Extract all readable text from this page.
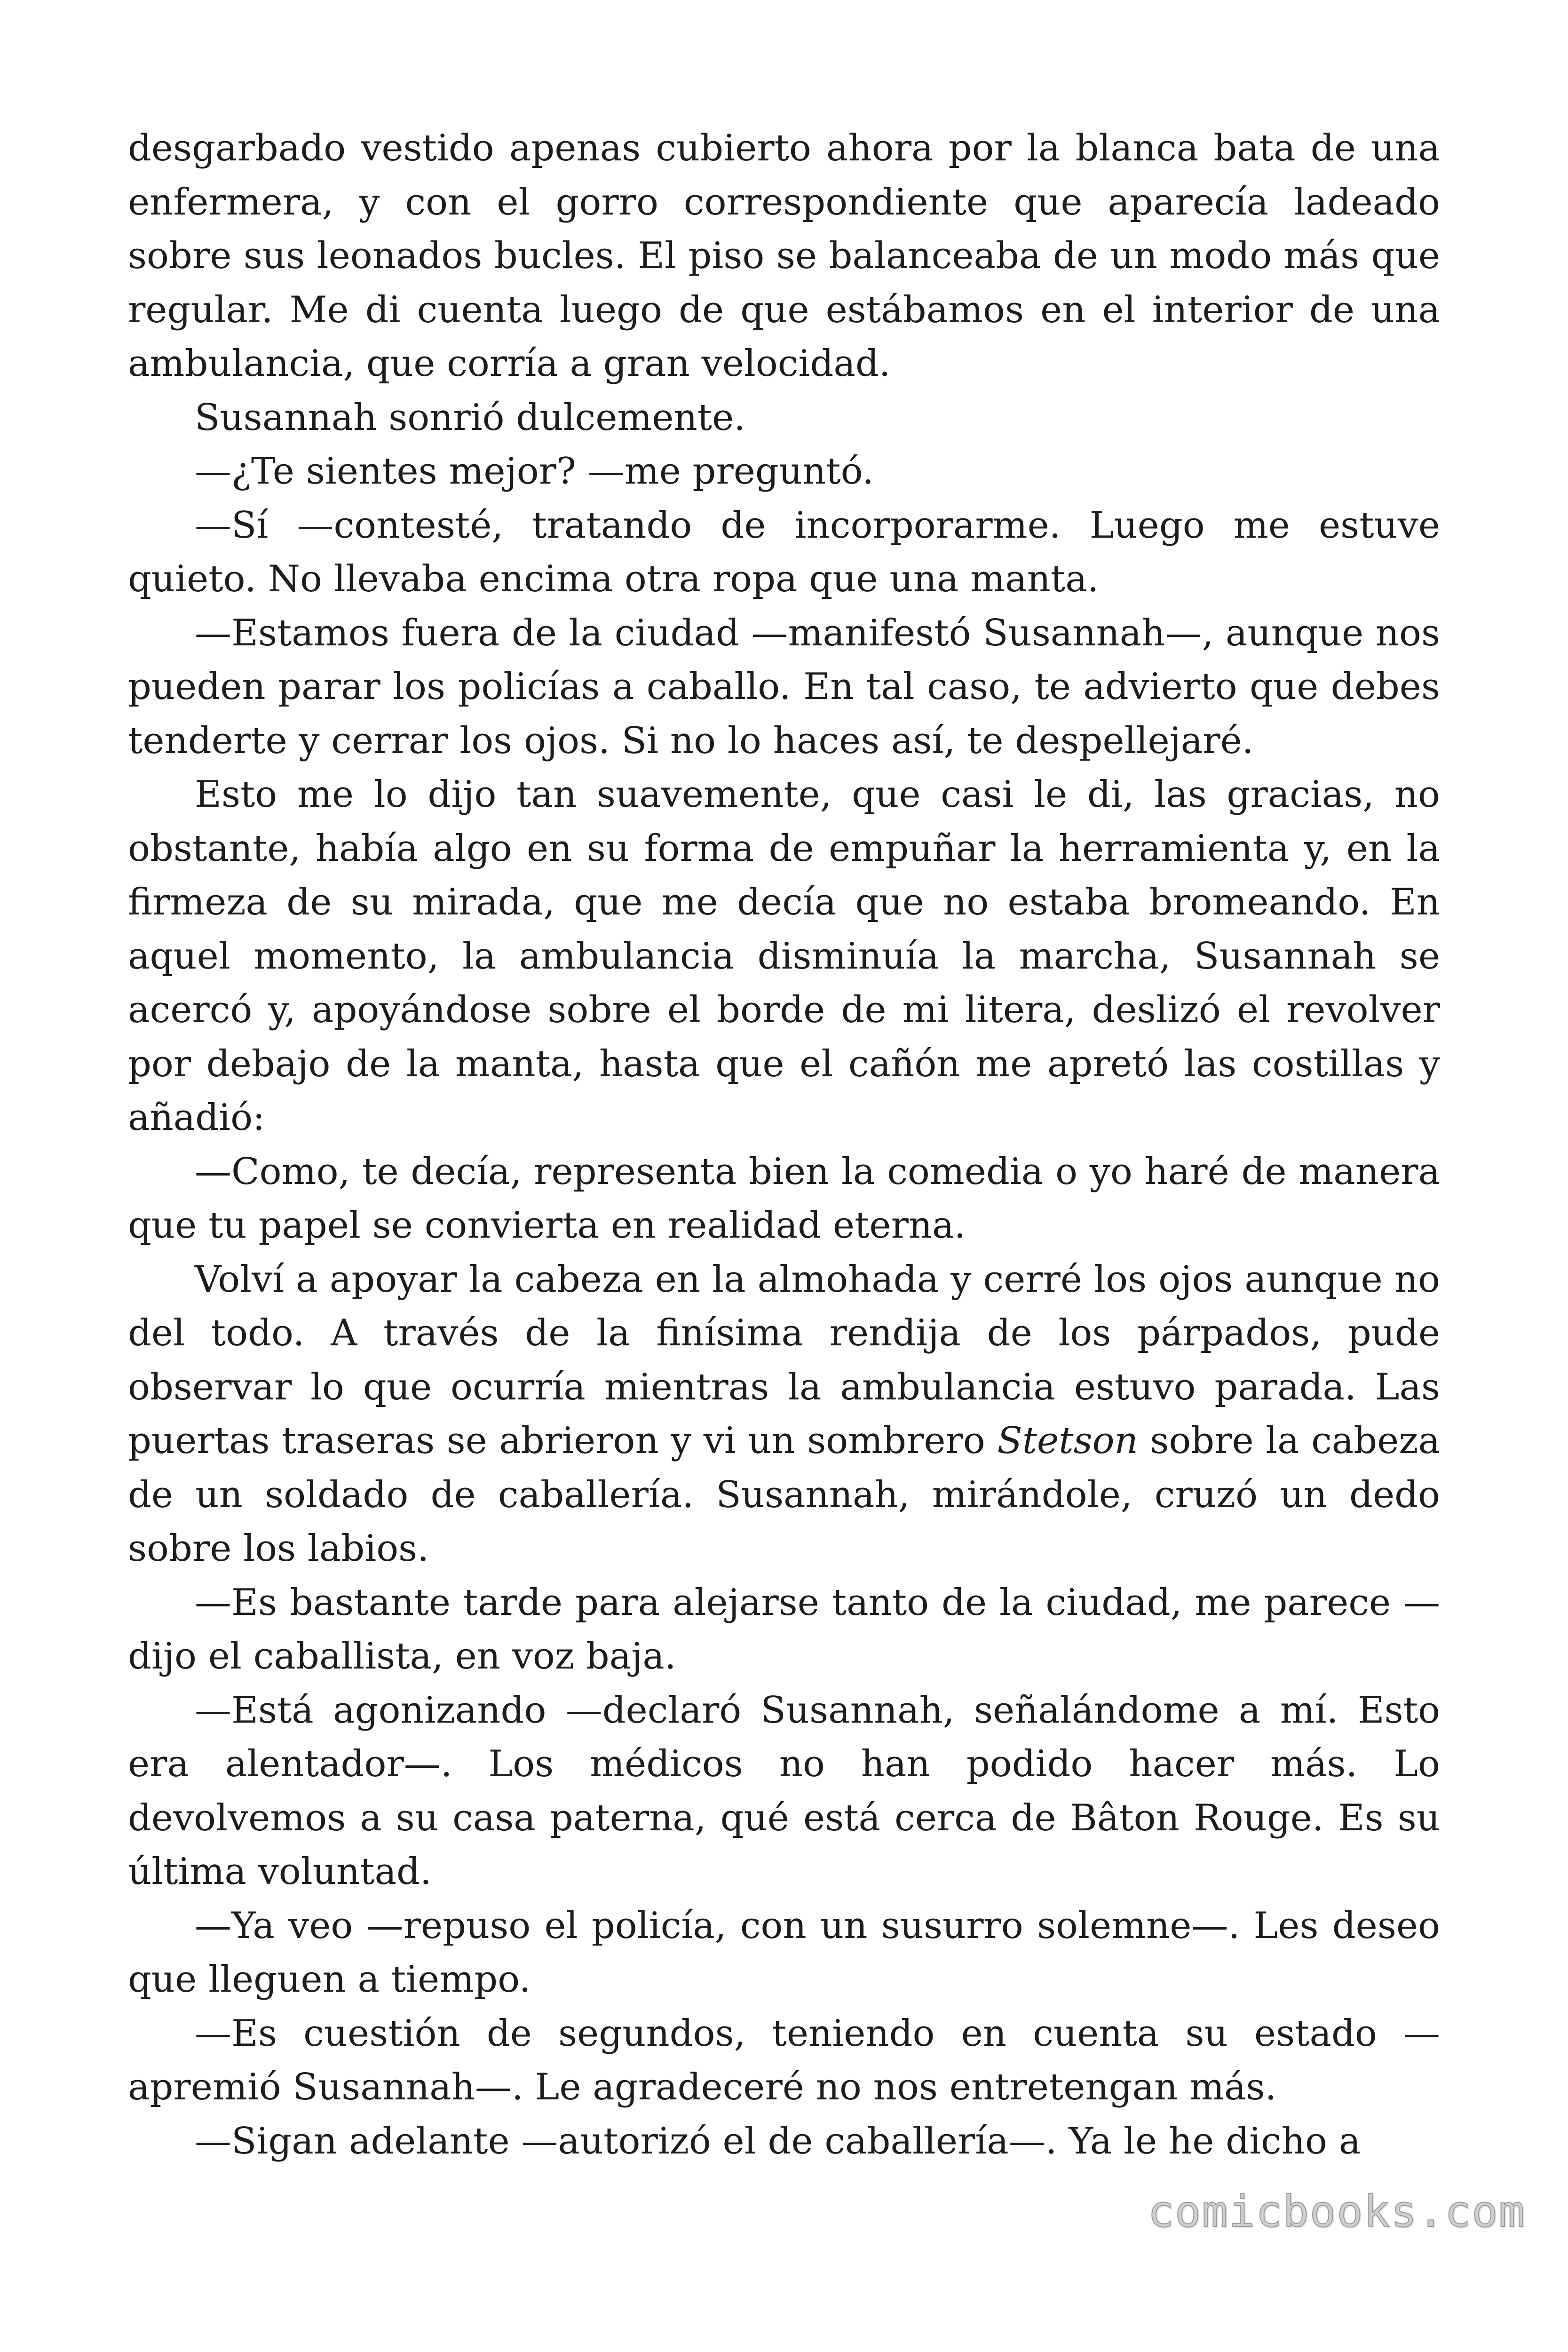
desgarbado vestido apenas cubierto ahora por la blanca bata de una enfermera, y con el gorro correspondiente que aparecía ladeado sobre sus leonados bucles. El piso se balanceaba de un modo más que regular. Me di cuenta luego de que estábamos en el interior de una ambulancia, que corría a gran velocidad.

Susannah sonrió dulcemente.

—¿Te sientes mejor? —me preguntó.

—Sí —contesté, tratando de incorporarme. Luego me estuve quieto. No llevaba encima otra ropa que una manta.

—Estamos fuera de la ciudad —manifestó Susannah—, aunque nos pueden parar los policías a caballo. En tal caso, te advierto que debes tenderte y cerrar los ojos. Si no lo haces así, te despellejaré.

Esto me lo dijo tan suavemente, que casi le di, las gracias, no obstante, había algo en su forma de empuñar la herramienta y, en la firmeza de su mirada, que me decía que no estaba bromeando. En aquel momento, la ambulancia disminuía la marcha, Susannah se acercó y, apoyándose sobre el borde de mi litera, deslizó el revolver por debajo de la manta, hasta que el cañón me apretó las costillas y añadió:

—Como, te decía, representa bien la comedia o yo haré de manera que tu papel se convierta en realidad eterna.

Volví a apoyar la cabeza en la almohada y cerré los ojos aunque no del todo. A través de la finísima rendija de los párpados, pude observar lo que ocurría mientras la ambulancia estuvo parada. Las puertas traseras se abrieron y vi un sombrero Stetson sobre la cabeza de un soldado de caballería. Susannah, mirándole, cruzó un dedo sobre los labios.

—Es bastante tarde para alejarse tanto de la ciudad, me parece —dijo el caballista, en voz baja.

—Está agonizando —declaró Susannah, señalándome a mí. Esto era alentador—. Los médicos no han podido hacer más. Lo devolvemos a su casa paterna, qué está cerca de Bâton Rouge. Es su última voluntad.

—Ya veo —repuso el policía, con un susurro solemne—. Les deseo que lleguen a tiempo.

—Es cuestión de segundos, teniendo en cuenta su estado —apremió Susannah—. Le agradeceré no nos entretengan más.

—Sigan adelante —autorizó el de caballería—. Ya le he dicho a

comicbooks.com
